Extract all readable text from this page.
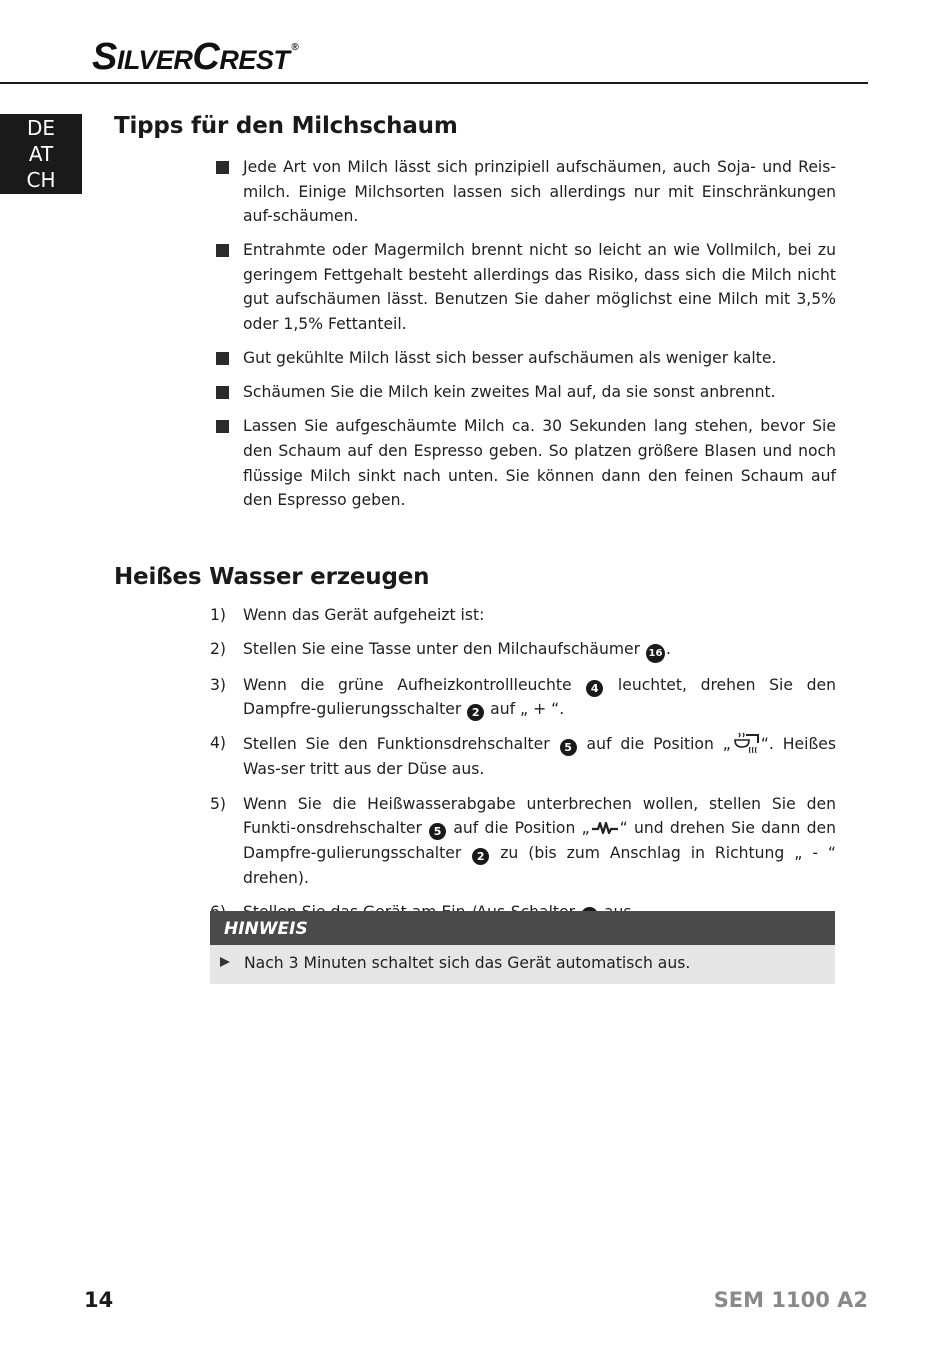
SILVERCREST ®
DE
AT
CH
Tipps für den Milchschaum
Jede Art von Milch lässt sich prinzipiell aufschäumen, auch Soja- und Reis-milch. Einige Milchsorten lassen sich allerdings nur mit Einschränkungen auf-schäumen.
Entrahmte oder Magermilch brennt nicht so leicht an wie Vollmilch, bei zu geringem Fettgehalt besteht allerdings das Risiko, dass sich die Milch nicht gut aufschäumen lässt. Benutzen Sie daher möglichst eine Milch mit 3,5% oder 1,5% Fettanteil.
Gut gekühlte Milch lässt sich besser aufschäumen als weniger kalte.
Schäumen Sie die Milch kein zweites Mal auf, da sie sonst anbrennt.
Lassen Sie aufgeschäumte Milch ca. 30 Sekunden lang stehen, bevor Sie den Schaum auf den Espresso geben. So platzen größere Blasen und noch flüssige Milch sinkt nach unten. Sie können dann den feinen Schaum auf den Espresso geben.
Heißes Wasser erzeugen
1) Wenn das Gerät aufgeheizt ist:
2) Stellen Sie eine Tasse unter den Milchaufschäumer 16 .
3) Wenn die grüne Aufheizkontrollleuchte 4 leuchtet, drehen Sie den Dampfre-gulierungsschalter 2 auf „ + “.
4) Stellen Sie den Funktionsdrehschalter 5 auf die Position „ “. Heißes Was-ser tritt aus der Düse aus.
5) Wenn Sie die Heißwasserabgabe unterbrechen wollen, stellen Sie den Funkti-onsdrehschalter 5 auf die Position „ “ und drehen Sie dann den Dampfre-gulierungsschalter 2 zu (bis zum Anschlag in Richtung „ - “ drehen).
HINWEIS
Nach 3 Minuten schaltet sich das Gerät automatisch aus.
14	SEM 1100 A2
